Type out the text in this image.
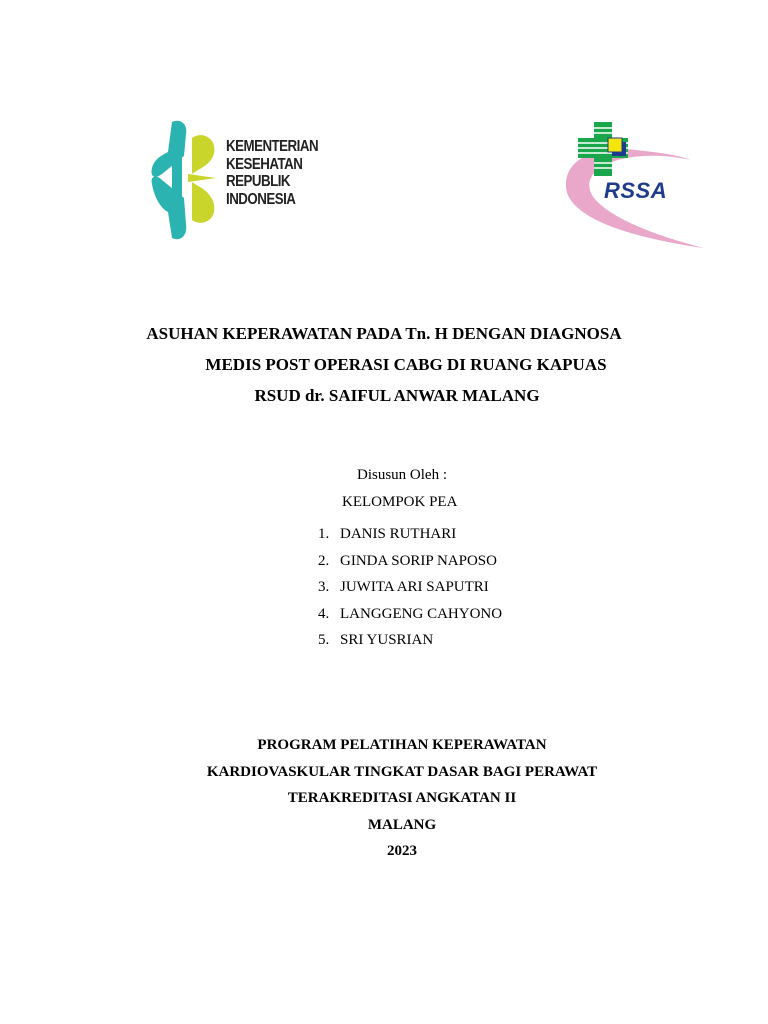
KEMENTERIAN
KESEHATAN
REPUBLIK
INDONESIA	RSSA
ASUHAN KEPERAWATAN PADA Tn. H DENGAN DIAGNOSA
MEDIS POST OPERASI CABG DI RUANG KAPUAS
RSUD dr. SAIFUL ANWAR MALANG
Disusun Oleh :
KELOMPOK PEA
1. DANIS RUTHARI
2. GINDA SORIP NAPOSO
3. JUWITA ARI SAPUTRI
4. LANGGENG CAHYONO
5. SRI YUSRIAN
PROGRAM PELATIHAN KEPERAWATAN
KARDIOVASKULAR TINGKAT DASAR BAGI PERAWAT
TERAKREDITASI ANGKATAN II
MALANG
2023
